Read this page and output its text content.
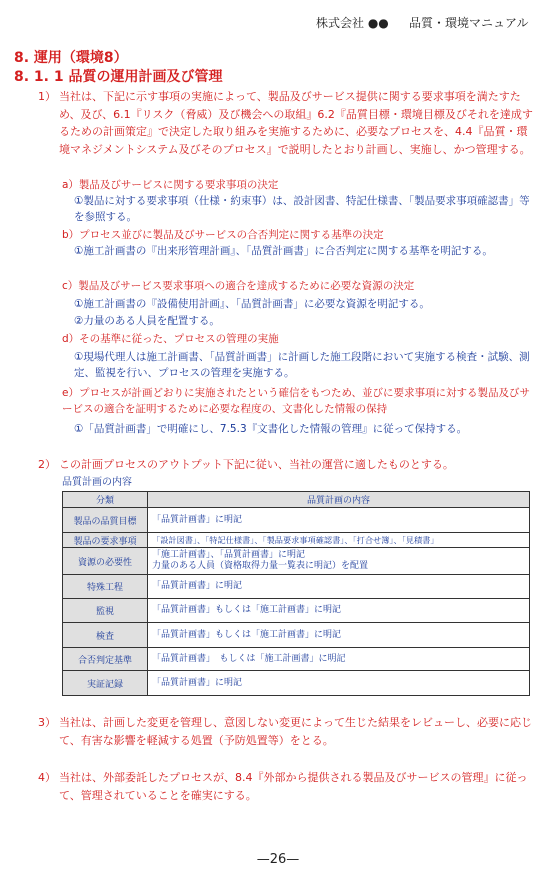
株式会社 ●● 品質・環境マニュアル
8. 運用（環境8）
8. 1. 1 品質の運用計画及び管理
1） 当社は、下記に示す事項の実施によって、製品及びサービス提供に関する要求事項を満たすため、及び、6.1『リスク（脅威）及び機会への取組』6.2『品質目標・環境目標及びそれを達成するための計画策定』で決定した取り組みを実施するために、必要なプロセスを、4.4『品質・環境マネジメントシステム及びそのプロセス』で説明したとおり計画し、実施し、かつ管理する。
a）製品及びサービスに関する要求事項の決定
①製品に対する要求事項（仕様・約束事）は、設計図書、特記仕様書、「製品要求事項確認書」等を参照する。
b）プロセス並びに製品及びサービスの合否判定に関する基準の決定
①施工計画書の『出来形管理計画』、「品質計画書」に合否判定に関する基準を明記する。
c）製品及びサービス要求事項への適合を達成するために必要な資源の決定
①施工計画書の『設備使用計画』、「品質計画書」に必要な資源を明記する。
②力量のある人員を配置する。
d）その基準に従った、プロセスの管理の実施
①現場代理人は施工計画書、「品質計画書」に計画した施工段階において実施する検査・試験、測定、監視を行い、プロセスの管理を実施する。
e）プロセスが計画どおりに実施されたという確信をもつため、並びに要求事項に対する製品及びサービスの適合を証明するために必要な程度の、文書化した情報の保持
①「品質計画書」で明確にし、7.5.3『文書化した情報の管理』に従って保持する。
2） この計画プロセスのアウトプット下記に従い、当社の運営に適したものとする。
品質計画の内容
分類	品質計画の内容
製品の品質目標	「品質計画書」に明記

製品の要求事項	「設計図書」、「特記仕様書」、「製品要求事項確認書」、「打合せ簿」、「見積書」

資源の必要性	「施工計画書」、「品質計画書」に明記
力量のある人員（資格取得力量一覧表に明記）を配置

特殊工程	「品質計画書」に明記

監視	「品質計画書」もしくは「施工計画書」に明記

検査	「品質計画書」もしくは「施工計画書」に明記

合否判定基準	「品質計画書」　もしくは「施工計画書」に明記

実証記録	「品質計画書」に明記
3） 当社は、計画した変更を管理し、意図しない変更によって生じた結果をレビューし、必要に応じて、有害な影響を軽減する処置（予防処置等）をとる。
4） 当社は、外部委託したプロセスが、8.4『外部から提供される製品及びサービスの管理』に従って、管理されていることを確実にする。
—26—
